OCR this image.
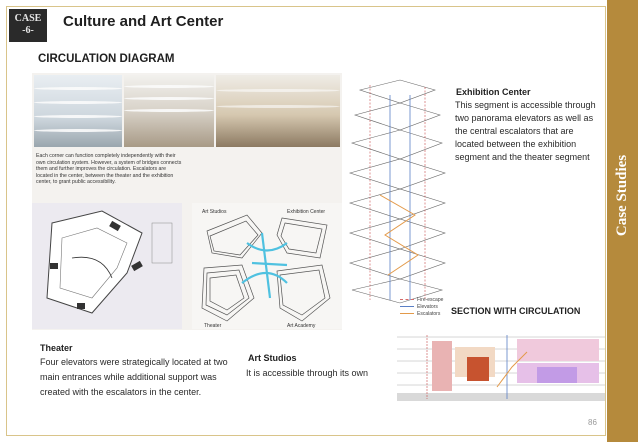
Case Studies
CASE
-6-
Culture and Art Center
CIRCULATION DIAGRAM
Each corner can function completely independently with their own circulation system. However, a system of bridges connects them and further improves the circulation. Escalators are located in the center, between the theater and the exhibition center, to grant public accessibility.
Art Studios	Exhibition Center
Theater	Art Academy
Exhibition Center
This segment is accessible through two panorama elevators as well as the central escalators that are located between the exhibition segment and the theater segment
Fire-escape
Elevators
Escalators SECTION WITH CIRCULATION
Theater
Four elevators were strategically located at two main entrances while additional support was created with the escalators in the center.
Art Studios
It is accessible through its own
86
